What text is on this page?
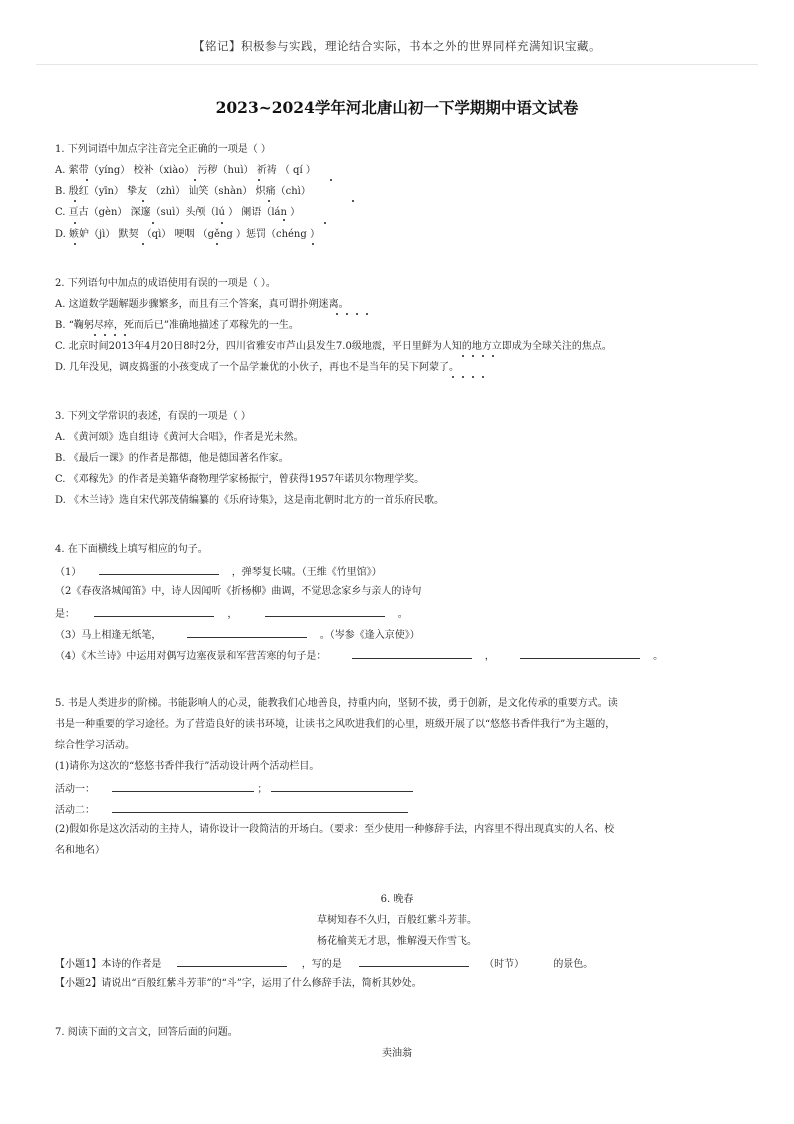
【铭记】积极参与实践，理论结合实际，书本之外的世界同样充满知识宝藏。
2023~2024学年河北唐山初一下学期期中语文试卷
1. 下列词语中加点字注音完全正确的一项是（ ）
A. 萦带（yíng） 校补（xiào） 污秽（huì） 祈祷 （ qí ）
B. 殷红（yīn） 挚友 （zhì） 讪笑（shàn） 炽痛（chì）
C. 亘古（gèn） 深邃（suì）头颅（lú ） 阑语（lán ）
D. 嫉妒（jì） 默契 （qì） 哽咽 （gěng ）惩罚（chéng ）
2. 下列语句中加点的成语使用有误的一项是（ ）。
A. 这道数学题解题步骤繁多，而且有三个答案，真可谓扑朔迷离。
B. “鞠躬尽瘁，死而后已”准确地描述了邓稼先的一生。
C. 北京时间2013年4月20日8时2分，四川省雅安市芦山县发生7.0级地震，平日里鲜为人知的地方立即成为全球关注的焦点。
D. 几年没见，调皮捣蛋的小孩变成了一个品学兼优的小伙子，再也不是当年的吴下阿蒙了。
3. 下列文学常识的表述，有误的一项是（ ）
A. 《黄河颂》选自组诗《黄河大合唱》，作者是光未然。
B. 《最后一课》的作者是都德，他是德国著名作家。
C. 《邓稼先》的作者是美籍华裔物理学家杨振宁，曾获得1957年诺贝尔物理学奖。
D. 《木兰诗》选自宋代郭茂倩编纂的《乐府诗集》，这是南北朝时北方的一首乐府民歌。
4. 在下面横线上填写相应的句子。
（1）	，弹琴复长啸。（王维《竹里馆》）
（2《春夜洛城闻笛》中，诗人因闻听《折杨柳》曲调，不觉思念家乡与亲人的诗句
是：	，	。
（3）马上相逢无纸笔，	。（岑参《逢入京使》）
（4）《木兰诗》中运用对偶写边塞夜景和军营苦寒的句子是：	，	。
5. 书是人类进步的阶梯。书能影响人的心灵，能教我们心地善良，持重内向，坚韧不拔，勇于创新，是文化传承的重要方式。读
书是一种重要的学习途径。为了营造良好的读书环境，让读书之风吹进我们的心里，班级开展了以“悠悠书香伴我行”为主题的，
综合性学习活动。
(1)请你为这次的“悠悠书香伴我行”活动设计两个活动栏目。
活动一：	；
活动二：
(2)假如你是这次活动的主持人，请你设计一段简洁的开场白。（要求：至少使用一种修辞手法，内容里不得出现真实的人名、校
名和地名）
6. 晚春
草树知春不久归，百般红紫斗芳菲。
杨花榆荚无才思，惟解漫天作雪飞。
【小题1】本诗的作者是	，写的是	（时节）	的景色。
【小题2】请说出“百般红紫斗芳菲”的“斗”字，运用了什么修辞手法，简析其妙处。
7. 阅读下面的文言文，回答后面的问题。
卖油翁
